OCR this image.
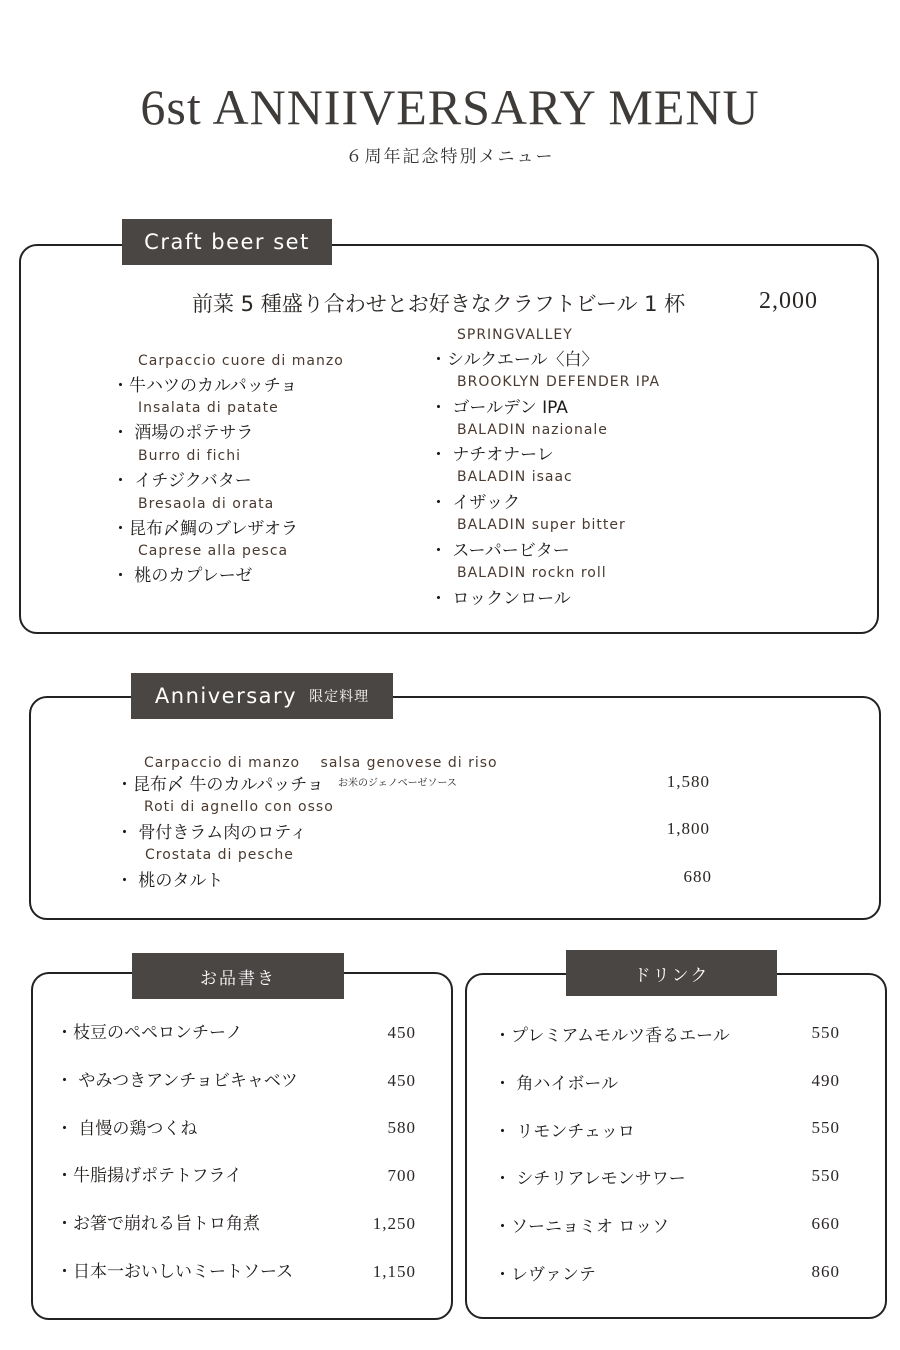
6st ANNIIVERSARY MENU
６周年記念特別メニュー
Craft beer set
前菜 5 種盛り合わせとお好きなクラフトビール 1 杯	2,000
Carpaccio cuore di manzo
・牛ハツのカルパッチョ
Insalata di patate
・ 酒場のポテサラ
Burro di fichi
・ イチジクバター
Bresaola di orata
・昆布〆鯛のブレザオラ
Caprese alla pesca
・ 桃のカプレーゼ
SPRINGVALLEY
・シルクエール〈白〉
BROOKLYN DEFENDER IPA
・ ゴールデン IPA
BALADIN nazionale
・ ナチオナーレ
BALADIN isaac
・ イザック
BALADIN super bitter
・ スーパービター
BALADIN rockn roll
・ ロックンロール
Anniversary 限定料理
Carpaccio di manzo　 salsa genovese di riso
・昆布〆 牛のカルパッチョ お米のジェノベーゼソース	1,580
Roti di agnello con osso
・ 骨付きラム肉のロティ	1,800
Crostata di pesche
・ 桃のタルト	680
お品書き
・枝豆のペペロンチーノ	450
・ やみつきアンチョビキャベツ	450
・ 自慢の鶏つくね	580
・牛脂揚げポテトフライ	700
・お箸で崩れる旨トロ角煮	1,250
・日本一おいしいミートソース	1,150
ドリンク
・プレミアムモルツ香るエール	550
・ 角ハイボール	490
・ リモンチェッロ	550
・ シチリアレモンサワー	550
・ソーニョミオ ロッソ	660
・レヴァンテ	860
